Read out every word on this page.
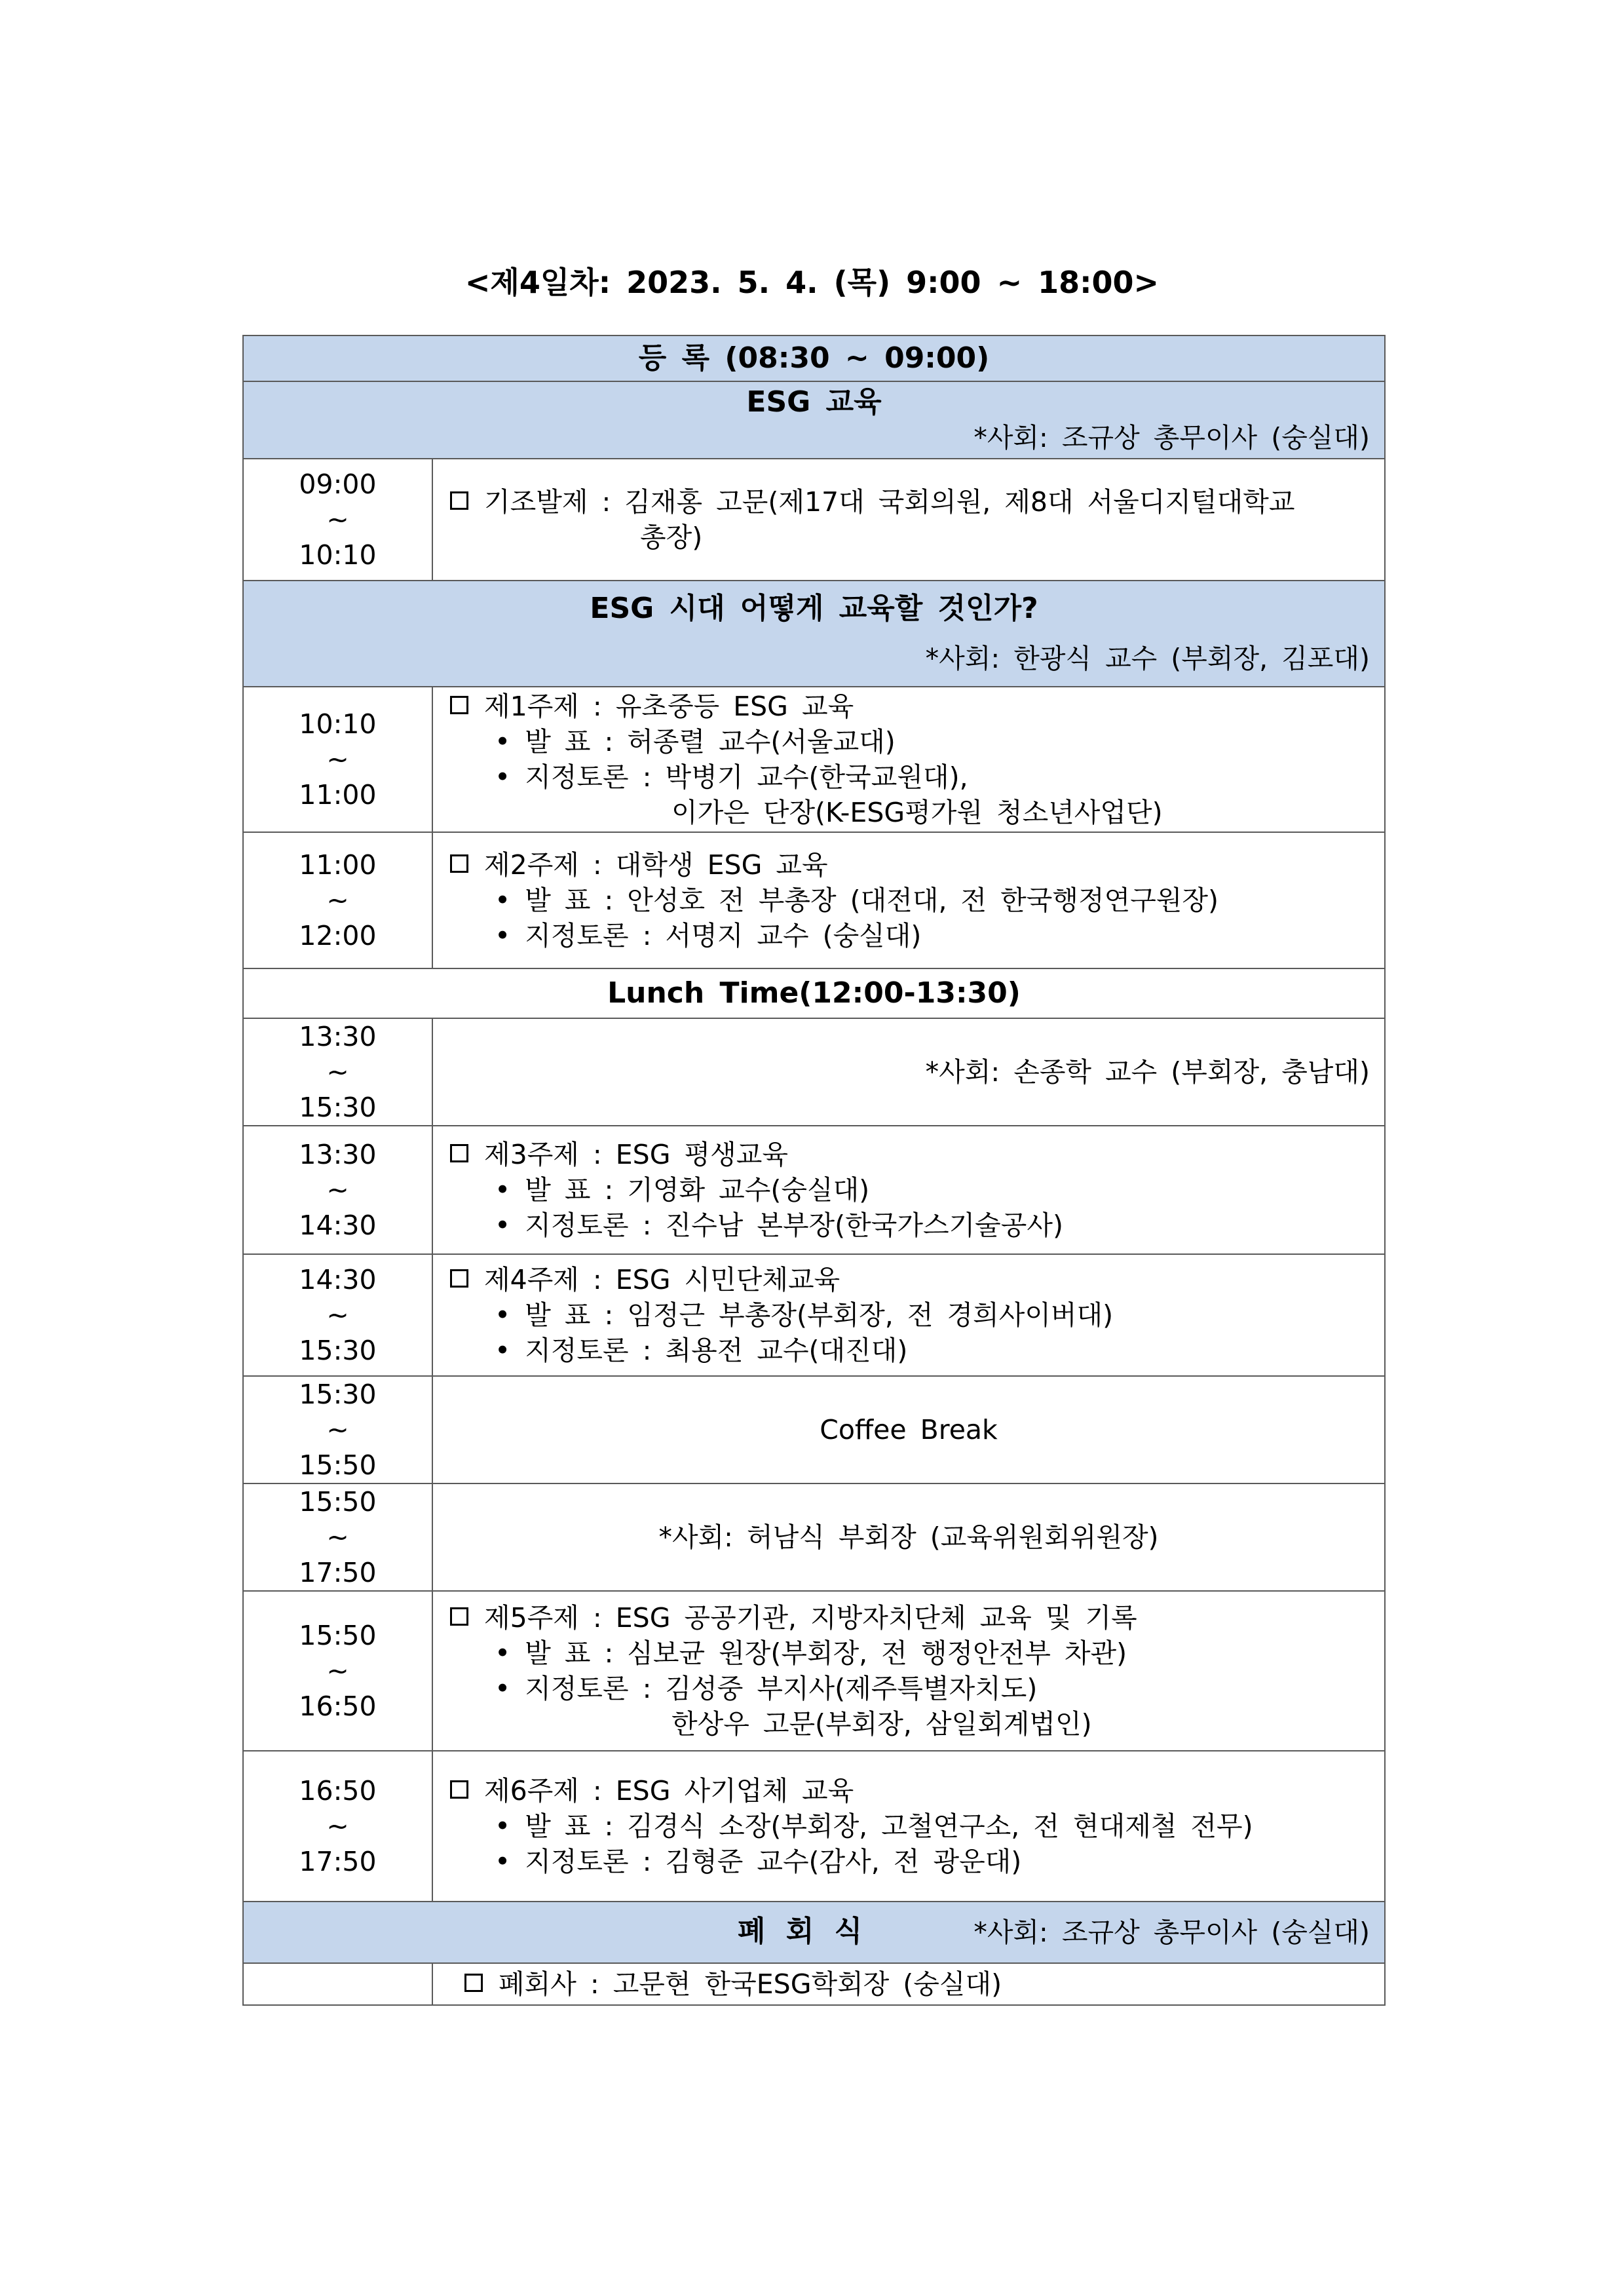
<제4일차: 2023. 5. 4. (목) 9:00 ~ 18:00>
등 록 (08:30 ~ 09:00)	

ESG 교육
*사회: 조규상 총무이사 (숭실대)	

09:00
~
10:10	기조발제 : 김재홍 고문(제17대 국회의원, 제8대 서울디지털대학교
총장)

ESG 시대 어떻게 교육할 것인가?
*사회: 한광식 교수 (부회장, 김포대)	

10:10
~
11:00	제1주제 : 유초중등 ESG 교육
• 발 표 : 허종렬 교수(서울교대)
• 지정토론 : 박병기 교수(한국교원대),
이가은 단장(K-ESG평가원 청소년사업단)

11:00
~
12:00	제2주제 : 대학생 ESG 교육
• 발 표 : 안성호 전 부총장 (대전대, 전 한국행정연구원장)
• 지정토론 : 서명지 교수 (숭실대)

Lunch Time(12:00-13:30)	

13:30
~
15:30	*사회: 손종학 교수 (부회장, 충남대)

13:30
~
14:30	제3주제 : ESG 평생교육
• 발 표 : 기영화 교수(숭실대)
• 지정토론 : 진수남 본부장(한국가스기술공사)

14:30
~
15:30	제4주제 : ESG 시민단체교육
• 발 표 : 임정근 부총장(부회장, 전 경희사이버대)
• 지정토론 : 최용전 교수(대진대)

15:30
~
15:50	Coffee Break

15:50
~
17:50	*사회: 허남식 부회장 (교육위원회위원장)

15:50
~
16:50	제5주제 : ESG 공공기관, 지방자치단체 교육 및 기록
• 발 표 : 심보균 원장(부회장, 전 행정안전부 차관)
• 지정토론 : 김성중 부지사(제주특별자치도)
한상우 고문(부회장, 삼일회계법인)

16:50
~
17:50	제6주제 : ESG 사기업체 교육
• 발 표 : 김경식 소장(부회장, 고철연구소, 전 현대제철 전무)
• 지정토론 : 김형준 교수(감사, 전 광운대)

폐 회 식 *사회: 조규상 총무이사 (숭실대)	

	폐회사 : 고문현 한국ESG학회장 (숭실대)
